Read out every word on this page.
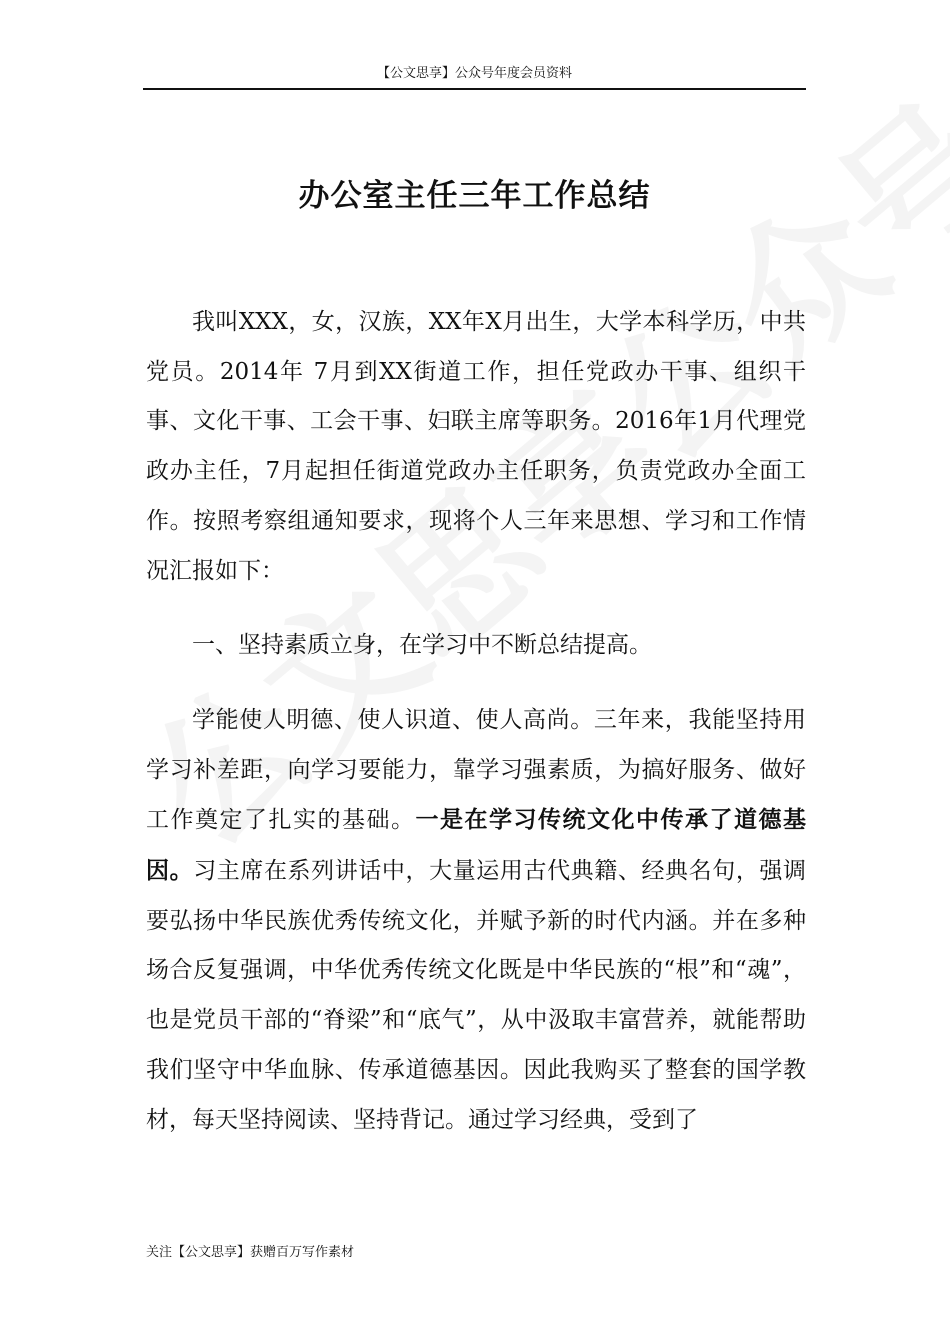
【公文思享】公众号年度会员资料
办公室主任三年工作总结

我叫XXX，女，汉族，XX年X月出生，大学本科学历，中共党员。2014年 7月到XX街道工作，担任党政办干事、组织干事、文化干事、工会干事、妇联主席等职务。2016年1月代理党政办主任，7月起担任街道党政办主任职务，负责党政办全面工作。按照考察组通知要求，现将个人三年来思想、学习和工作情况汇报如下：

一、坚持素质立身，在学习中不断总结提高。

学能使人明德、使人识道、使人高尚。三年来，我能坚持用学习补差距，向学习要能力，靠学习强素质，为搞好服务、做好工作奠定了扎实的基础。一是在学习传统文化中传承了道德基因。习主席在系列讲话中，大量运用古代典籍、经典名句，强调要弘扬中华民族优秀传统文化，并赋予新的时代内涵。并在多种场合反复强调，中华优秀传统文化既是中华民族的“根”和“魂”，也是党员干部的“脊梁”和“底气”，从中汲取丰富营养，就能帮助我们坚守中华血脉、传承道德基因。因此我购买了整套的国学教材，每天坚持阅读、坚持背记。通过学习经典，受到了

关注【公文思享】获赠百万写作素材
